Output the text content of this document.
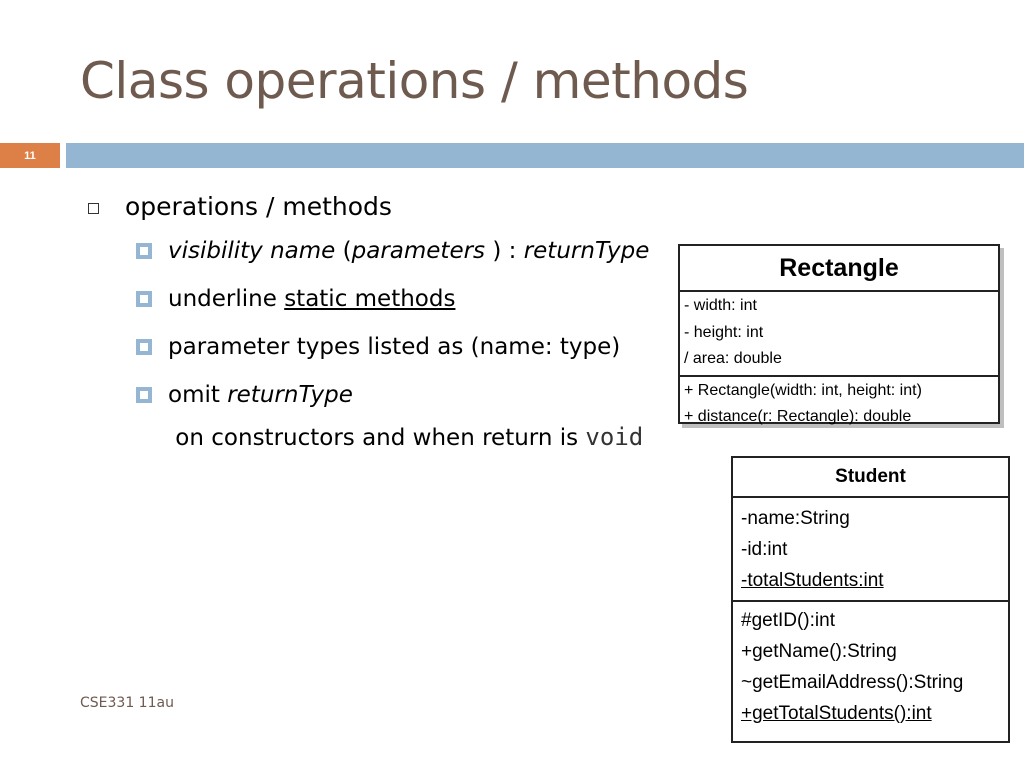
Class operations / methods
11
operations / methods
visibility name (parameters ) : returnType
underline static methods
parameter types listed as (name: type)
omit returnType on constructors and when return is void
CSE331 11au
Rectangle
- width: int
- height: int
/ area: double
+ Rectangle(width: int, height: int)
+ distance(r: Rectangle): double
Student
-name:String
-id:int
-totalStudents:int
#getID():int
+getName():String
~getEmailAddress():String
+getTotalStudents():int
